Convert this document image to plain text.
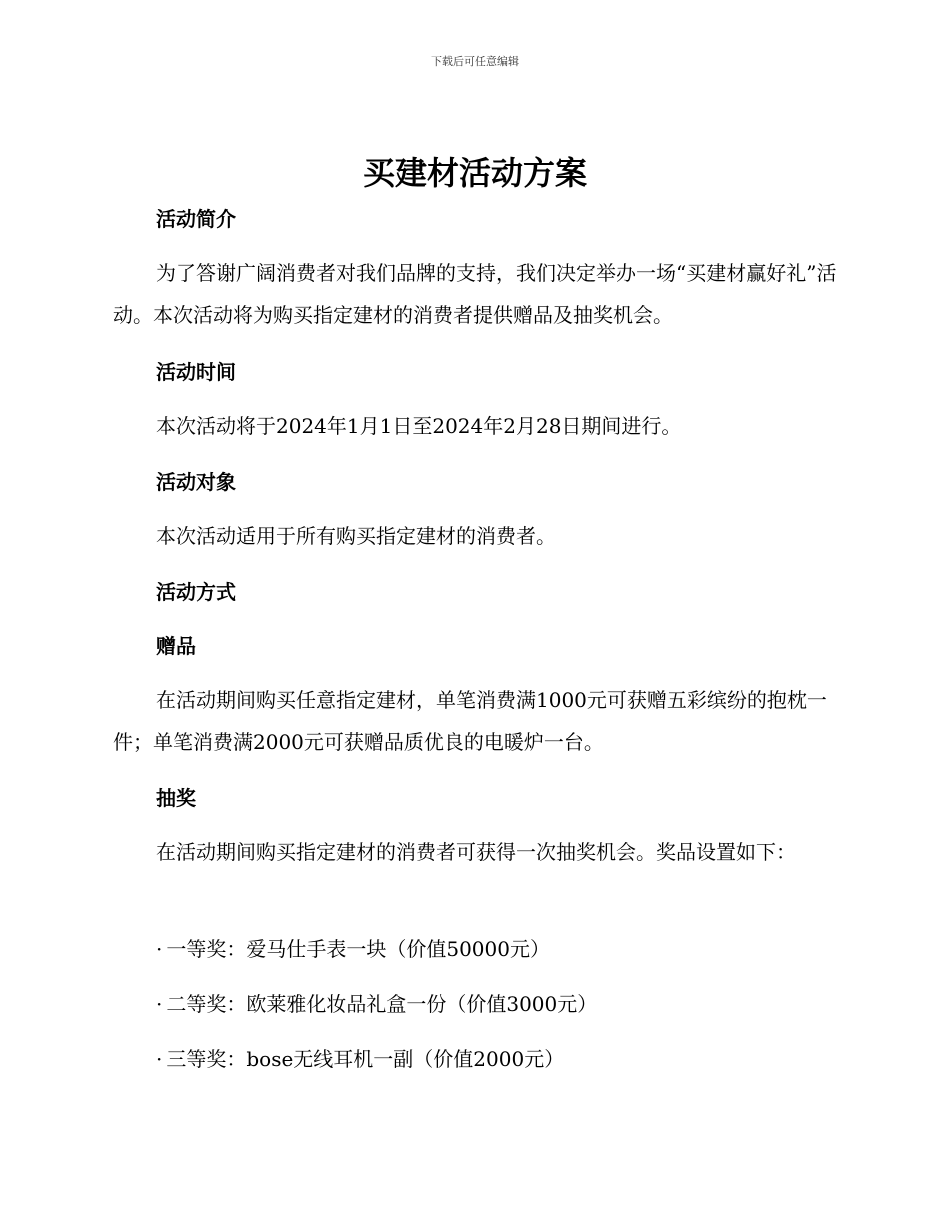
下载后可任意编辑
买建材活动方案
活动简介

为了答谢广阔消费者对我们品牌的支持，我们决定举办一场“买建材赢好礼”活动。本次活动将为购买指定建材的消费者提供赠品及抽奖机会。

活动时间

本次活动将于2024年1月1日至2024年2月28日期间进行。

活动对象

本次活动适用于所有购买指定建材的消费者。

活动方式
赠品

在活动期间购买任意指定建材，单笔消费满1000元可获赠五彩缤纷的抱枕一件；单笔消费满2000元可获赠品质优良的电暖炉一台。

抽奖

在活动期间购买指定建材的消费者可获得一次抽奖机会。奖品设置如下：

· 一等奖：爱马仕手表一块（价值50000元）
· 二等奖：欧莱雅化妆品礼盒一份（价值3000元）
· 三等奖：bose无线耳机一副（价值2000元）
